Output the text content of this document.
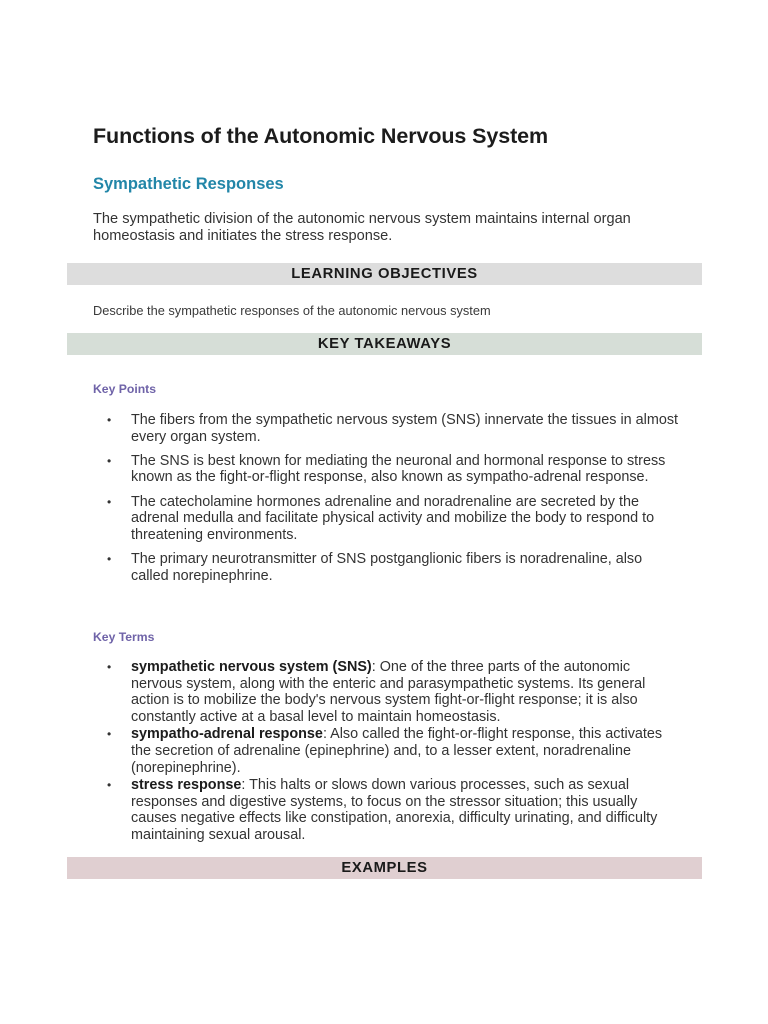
Functions of the Autonomic Nervous System
Sympathetic Responses

The sympathetic division of the autonomic nervous system maintains internal organ homeostasis and initiates the stress response.

LEARNING OBJECTIVES

Describe the sympathetic responses of the autonomic nervous system

KEY TAKEAWAYS

Key Points

• The fibers from the sympathetic nervous system (SNS) innervate the tissues in almost every organ system.
• The SNS is best known for mediating the neuronal and hormonal response to stress known as the fight-or-flight response, also known as sympatho-adrenal response.
• The catecholamine hormones adrenaline and noradrenaline are secreted by the adrenal medulla and facilitate physical activity and mobilize the body to respond to threatening environments.
• The primary neurotransmitter of SNS postganglionic fibers is noradrenaline, also called norepinephrine.

Key Terms

• sympathetic nervous system (SNS): One of the three parts of the autonomic nervous system, along with the enteric and parasympathetic systems. Its general action is to mobilize the body's nervous system fight-or-flight response; it is also constantly active at a basal level to maintain homeostasis.
• sympatho-adrenal response: Also called the fight-or-flight response, this activates the secretion of adrenaline (epinephrine) and, to a lesser extent, noradrenaline (norepinephrine).
• stress response: This halts or slows down various processes, such as sexual responses and digestive systems, to focus on the stressor situation; this usually causes negative effects like constipation, anorexia, difficulty urinating, and difficulty maintaining sexual arousal.
EXAMPLES
